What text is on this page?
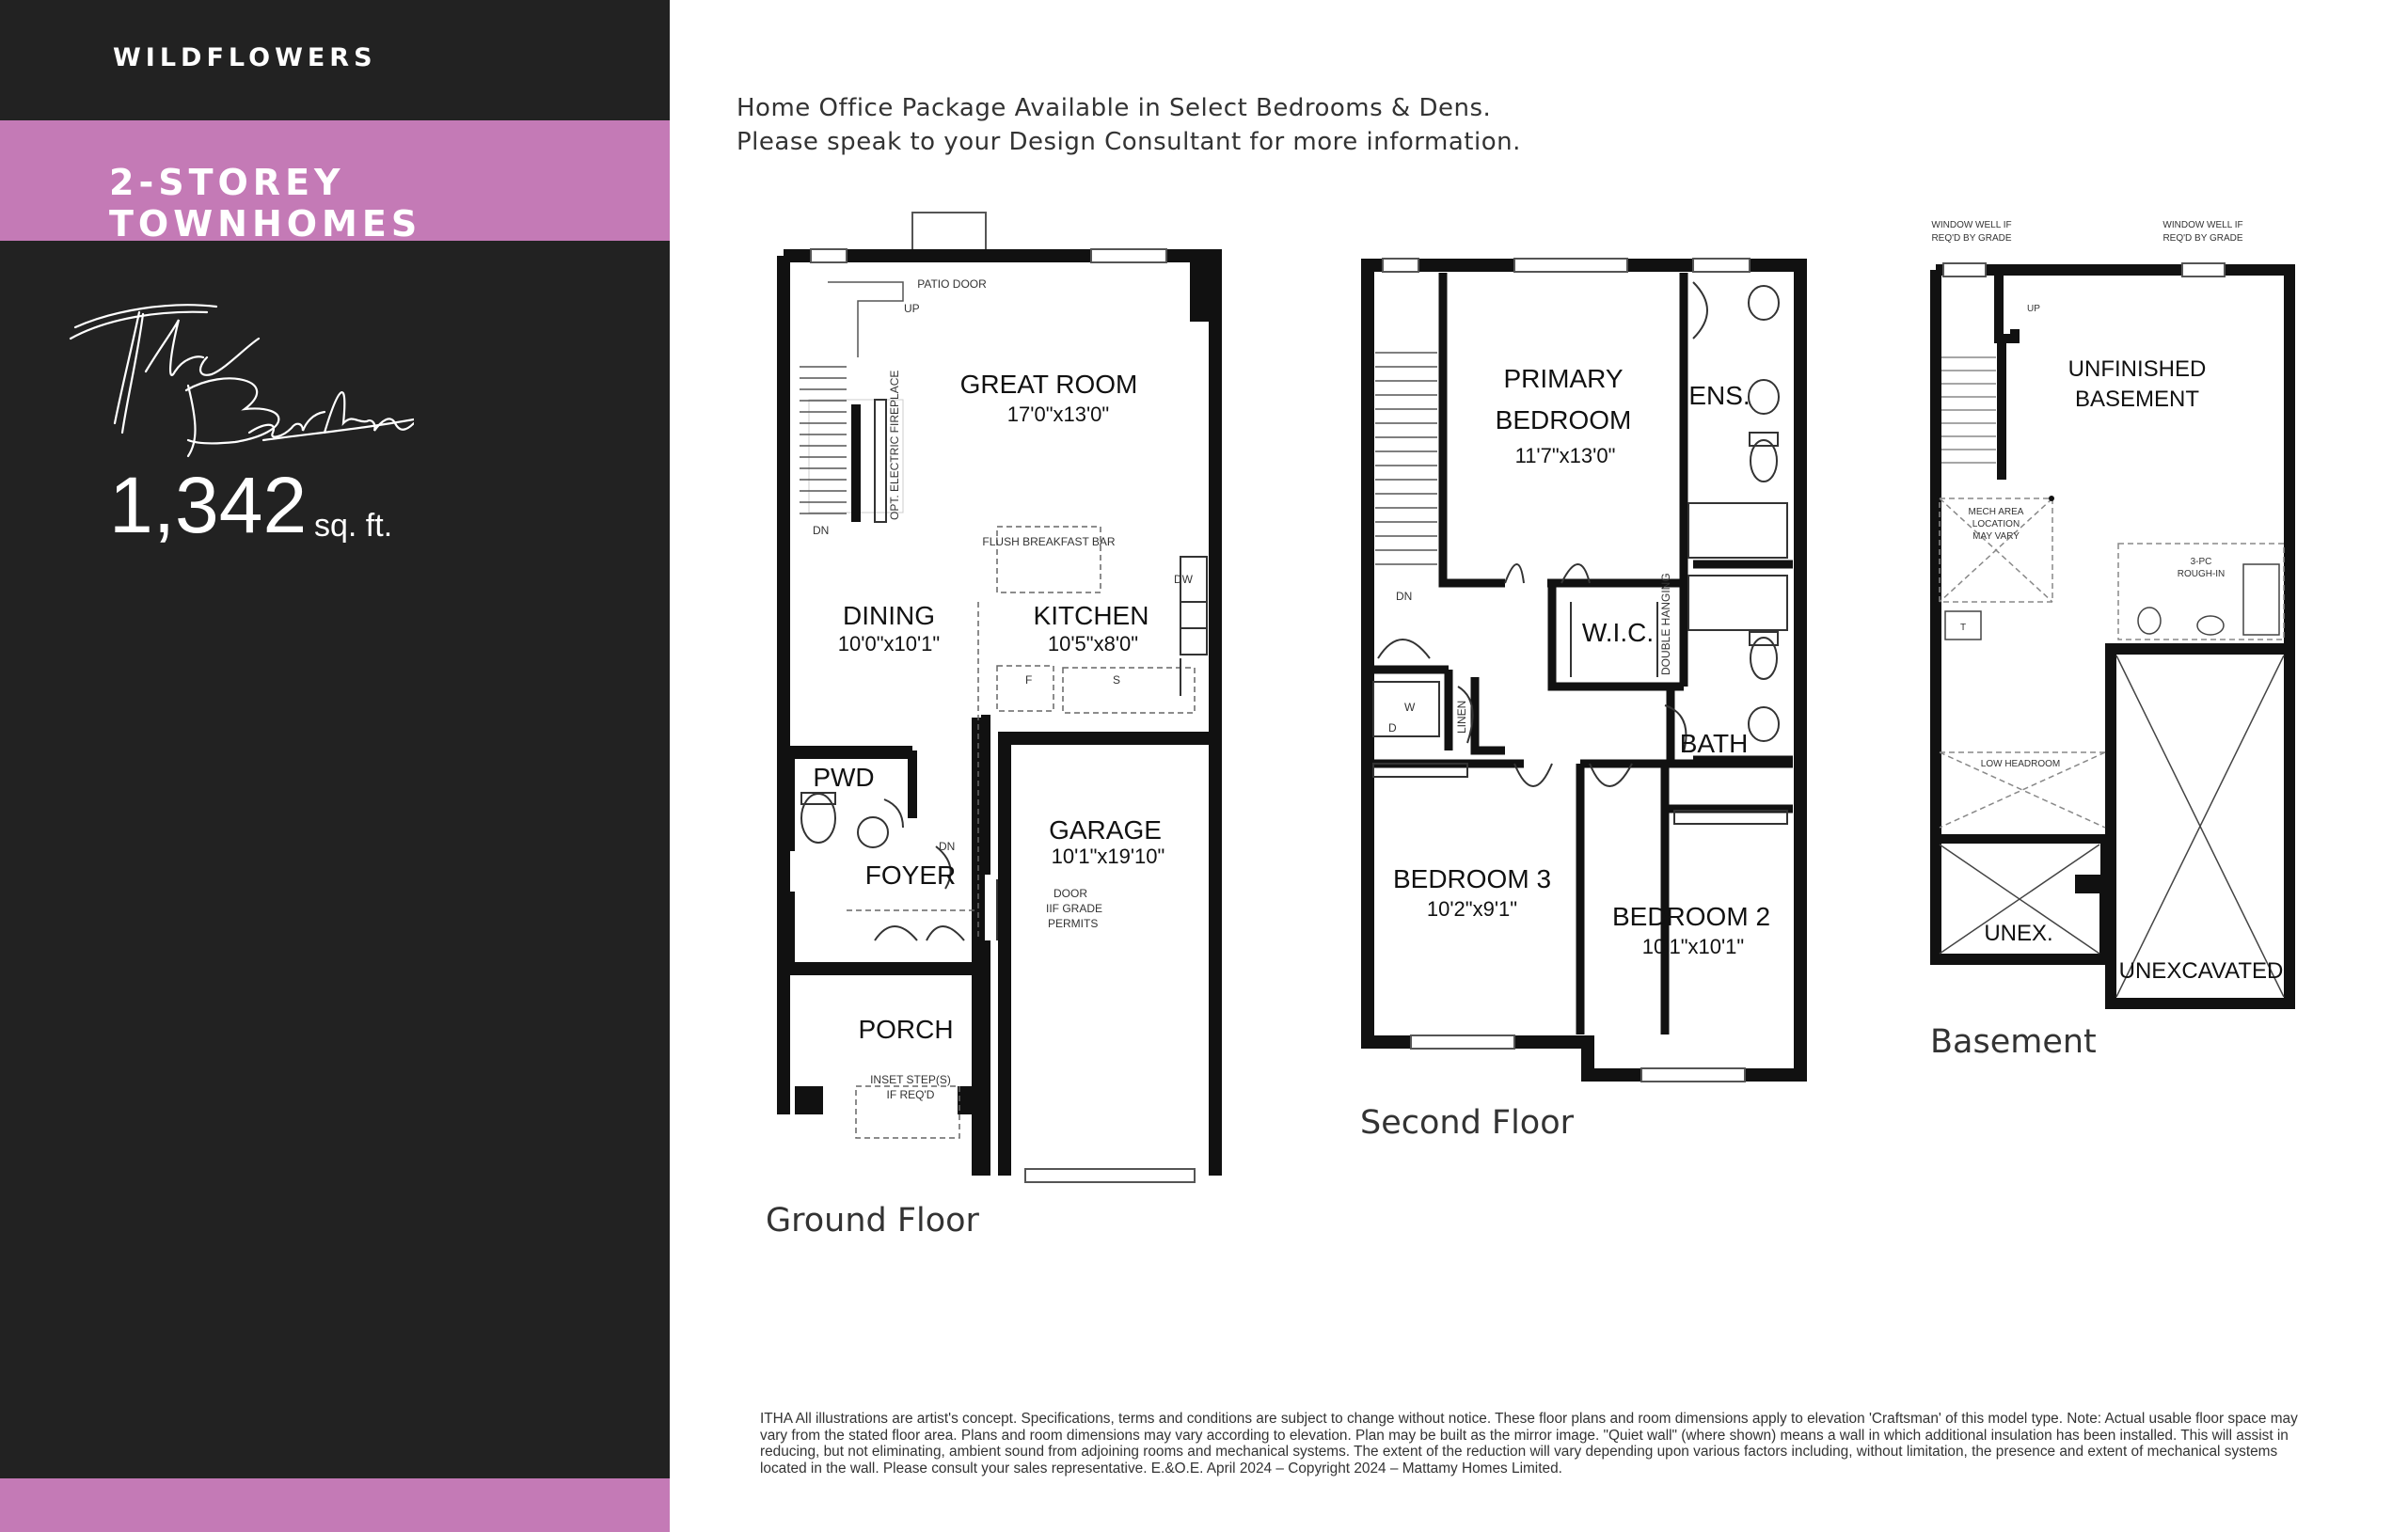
WILDFLOWERS
2-STOREY TOWNHOMES
1,342 sq. ft.
Home Office Package Available in Select Bedrooms & Dens.
Please speak to your Design Consultant for more information.
PATIO DOOR
UP
DN
OPT. ELECTRIC FIREPLACE
FLUSH BREAKFAST BAR
DW
F	S
DN
DOOR
IIF GRADE
PERMITS
INSET STEP(S)
IF REQ'D
GREAT ROOM
DINING	KITCHEN
PWD
FOYER
GARAGE
PORCH
17'0"x13'0"
10'0"x10'1"	10'5"x8'0"
10'1"x19'10"
DN	DOUBLE HANGING
W
D	LINEN
PRIMARY
BEDROOM
ENS.
W.I.C.
BATH
BEDROOM 3
BEDROOM 2
11'7"x13'0"
10'2"x9'1"
10'1"x10'1"
WINDOW WELL IF
REQ'D BY GRADE
WINDOW WELL IF
REQ'D BY GRADE
UP
MECH AREA
LOCATION
MAY VARY
T
3-PC
ROUGH-IN
LOW HEADROOM
UNFINISHED
BASEMENT
UNEX.
UNEXCAVATED
Ground Floor
Second Floor
Basement
ITHA All illustrations are artist's concept. Specifications, terms and conditions are subject to change without notice. These floor plans and room dimensions apply to elevation 'Craftsman' of this model type. Note: Actual usable floor space may vary from the stated floor area. Plans and room dimensions may vary according to elevation. Plan may be built as the mirror image. "Quiet wall" (where shown) means a wall in which additional insulation has been installed. This will assist in reducing, but not eliminating, ambient sound from adjoining rooms and mechanical systems. The extent of the reduction will vary depending upon various factors including, without limitation, the presence and extent of mechanical systems located in the wall. Please consult your sales representative. E.&O.E. April 2024 – Copyright 2024 – Mattamy Homes Limited.
